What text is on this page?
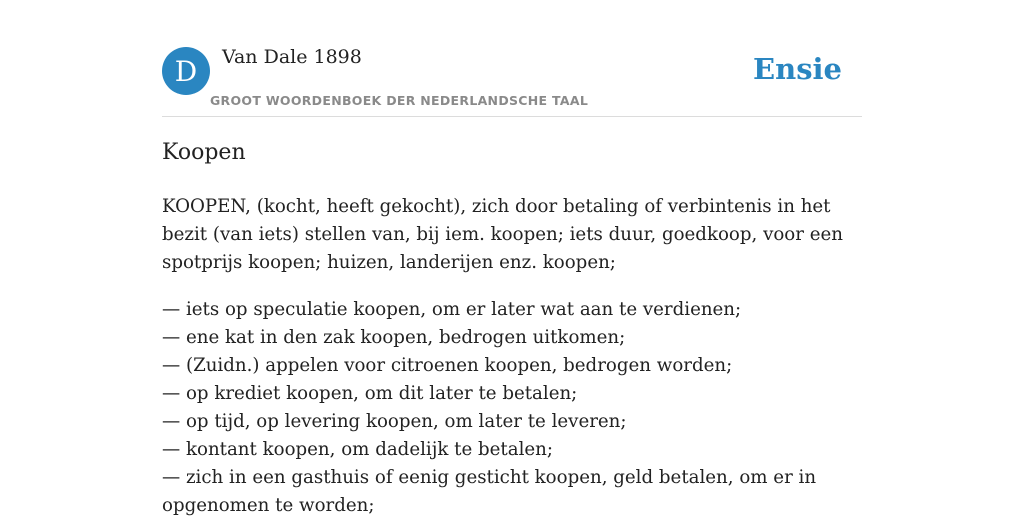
D	Van Dale 1898
GROOT WOORDENBOEK DER NEDERLANDSCHE TAAL
Ensie
Koopen

KOOPEN, (kocht, heeft gekocht), zich door betaling of verbintenis in het bezit (van iets) stellen van, bij iem. koopen; iets duur, goedkoop, voor een spotprijs koopen; huizen, landerijen enz. koopen;

— iets op speculatie koopen, om er later wat aan te verdienen;
— ene kat in den zak koopen, bedrogen uitkomen;
— (Zuidn.) appelen voor citroenen koopen, bedrogen worden;
— op krediet koopen, om dit later te betalen;
— op tijd, op levering koopen, om later te leveren;
— kontant koopen, om dadelijk te betalen;
— zich in een gasthuis of eenig gesticht koopen, geld betalen, om er in opgenomen te worden;
